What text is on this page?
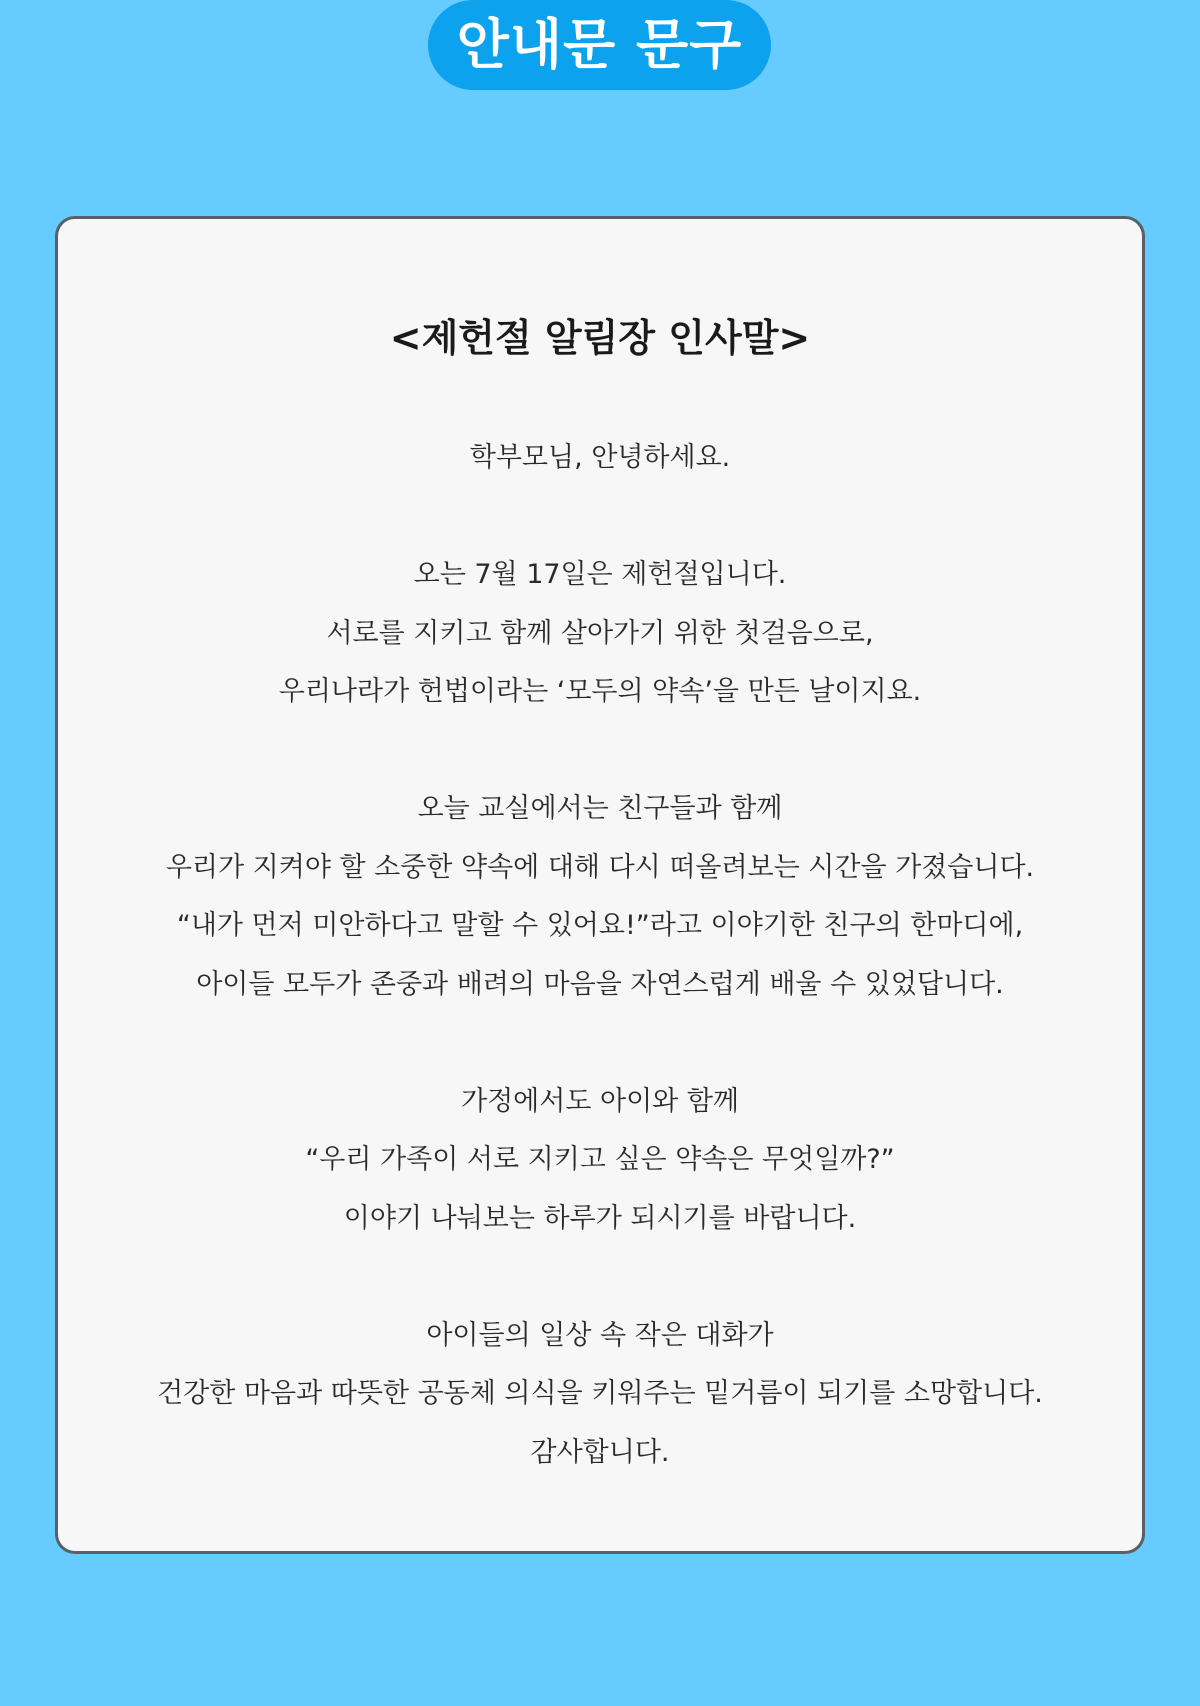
안내문 문구
<제헌절 알림장 인사말>
학부모님, 안녕하세요.
오는 7월 17일은 제헌절입니다.
서로를 지키고 함께 살아가기 위한 첫걸음으로,
우리나라가 헌법이라는 ‘모두의 약속’을 만든 날이지요.
오늘 교실에서는 친구들과 함께
우리가 지켜야 할 소중한 약속에 대해 다시 떠올려보는 시간을 가졌습니다.
“내가 먼저 미안하다고 말할 수 있어요!”라고 이야기한 친구의 한마디에,
아이들 모두가 존중과 배려의 마음을 자연스럽게 배울 수 있었답니다.
가정에서도 아이와 함께
“우리 가족이 서로 지키고 싶은 약속은 무엇일까?”
이야기 나눠보는 하루가 되시기를 바랍니다.
아이들의 일상 속 작은 대화가
건강한 마음과 따뜻한 공동체 의식을 키워주는 밑거름이 되기를 소망합니다.
감사합니다.
